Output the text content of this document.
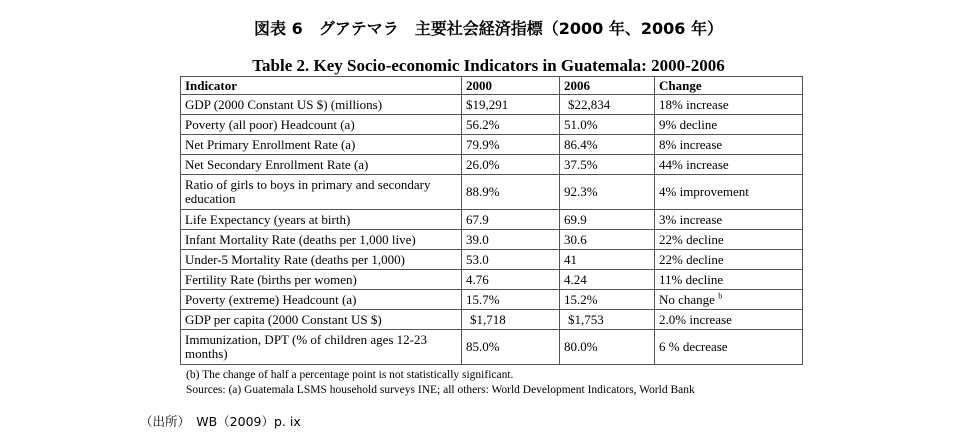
図表 6　グアテマラ　主要社会経済指標（2000 年、2006 年）
Table 2. Key Socio-economic Indicators in Guatemala: 2000-2006
Indicator	2000	2006	Change
GDP (2000 Constant US $) (millions)	$19,291	$22,834	18% increase
Poverty (all poor) Headcount (a)	56.2%	51.0%	9% decline
Net Primary Enrollment Rate (a)	79.9%	86.4%	8% increase
Net Secondary Enrollment Rate (a)	26.0%	37.5%	44% increase
Ratio of girls to boys in primary and secondary education	88.9%	92.3%	4% improvement
Life Expectancy (years at birth)	67.9	69.9	3% increase
Infant Mortality Rate (deaths per 1,000 live)	39.0	30.6	22% decline
Under-5 Mortality Rate (deaths per 1,000)	53.0	41	22% decline
Fertility Rate (births per women)	4.76	4.24	11% decline
Poverty (extreme) Headcount (a)	15.7%	15.2%	No change $^b$
GDP per capita (2000 Constant US $)	$1,718	$1,753	2.0% increase
Immunization, DPT (% of children ages 12-23 months)	85.0%	80.0%	6 % decrease
(b) The change of half a percentage point is not statistically significant.
Sources: (a) Guatemala LSMS household surveys INE; all others: World Development Indicators, World Bank
（出所）　WB（2009）p. ix
